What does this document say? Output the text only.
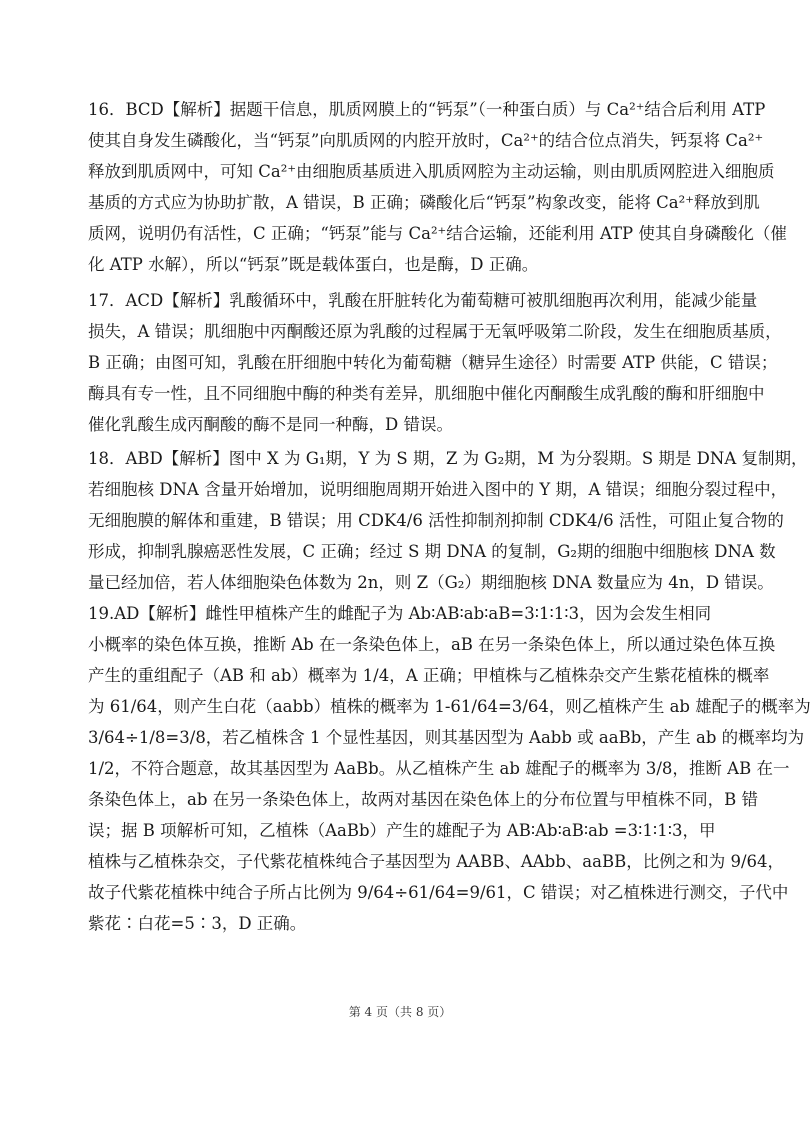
16．BCD【解析】据题干信息，肌质网膜上的“钙泵”（一种蛋白质）与 Ca²⁺结合后利用 ATP
使其自身发生磷酸化，当“钙泵”向肌质网的内腔开放时，Ca²⁺的结合位点消失，钙泵将 Ca²⁺
释放到肌质网中，可知 Ca²⁺由细胞质基质进入肌质网腔为主动运输，则由肌质网腔进入细胞质
基质的方式应为协助扩散，A 错误，B 正确；磷酸化后“钙泵”构象改变，能将 Ca²⁺释放到肌
质网，说明仍有活性，C 正确；“钙泵”能与 Ca²⁺结合运输，还能利用 ATP 使其自身磷酸化（催
化 ATP 水解），所以“钙泵”既是载体蛋白，也是酶，D 正确。

17．ACD【解析】乳酸循环中，乳酸在肝脏转化为葡萄糖可被肌细胞再次利用，能减少能量
损失，A 错误；肌细胞中丙酮酸还原为乳酸的过程属于无氧呼吸第二阶段，发生在细胞质基质，
B 正确；由图可知，乳酸在肝细胞中转化为葡萄糖（糖异生途径）时需要 ATP 供能，C 错误；
酶具有专一性，且不同细胞中酶的种类有差异，肌细胞中催化丙酮酸生成乳酸的酶和肝细胞中
催化乳酸生成丙酮酸的酶不是同一种酶，D 错误。

18．ABD【解析】图中 X 为 G₁期，Y 为 S 期，Z 为 G₂期，M 为分裂期。S 期是 DNA 复制期，
若细胞核 DNA 含量开始增加，说明细胞周期开始进入图中的 Y 期，A 错误；细胞分裂过程中，
无细胞膜的解体和重建，B 错误；用 CDK4/6 活性抑制剂抑制 CDK4/6 活性，可阻止复合物的
形成，抑制乳腺癌恶性发展，C 正确；经过 S 期 DNA 的复制，G₂期的细胞中细胞核 DNA 数
量已经加倍，若人体细胞染色体数为 2n，则 Z（G₂）期细胞核 DNA 数量应为 4n，D 错误。

19.AD【解析】雌性甲植株产生的雌配子为 Ab∶AB∶ab∶aB=3∶1∶1∶3，因为会发生相同
小概率的染色体互换，推断 Ab 在一条染色体上，aB 在另一条染色体上，所以通过染色体互换
产生的重组配子（AB 和 ab）概率为 1/4，A 正确；甲植株与乙植株杂交产生紫花植株的概率
为 61/64，则产生白花（aabb）植株的概率为 1-61/64=3/64，则乙植株产生 ab 雄配子的概率为
3/64÷1/8=3/8，若乙植株含 1 个显性基因，则其基因型为 Aabb 或 aaBb，产生 ab 的概率均为
1/2，不符合题意，故其基因型为 AaBb。从乙植株产生 ab 雄配子的概率为 3/8，推断 AB 在一
条染色体上，ab 在另一条染色体上，故两对基因在染色体上的分布位置与甲植株不同，B 错
误；据 B 项解析可知，乙植株（AaBb）产生的雄配子为 AB∶Ab∶aB∶ab =3∶1∶1∶3，甲
植株与乙植株杂交，子代紫花植株纯合子基因型为 AABB、AAbb、aaBB，比例之和为 9/64，
故子代紫花植株中纯合子所占比例为 9/64÷61/64=9/61，C 错误；对乙植株进行测交，子代中
紫花∶白花=5∶3，D 正确。

第 4 页（共 8 页）
